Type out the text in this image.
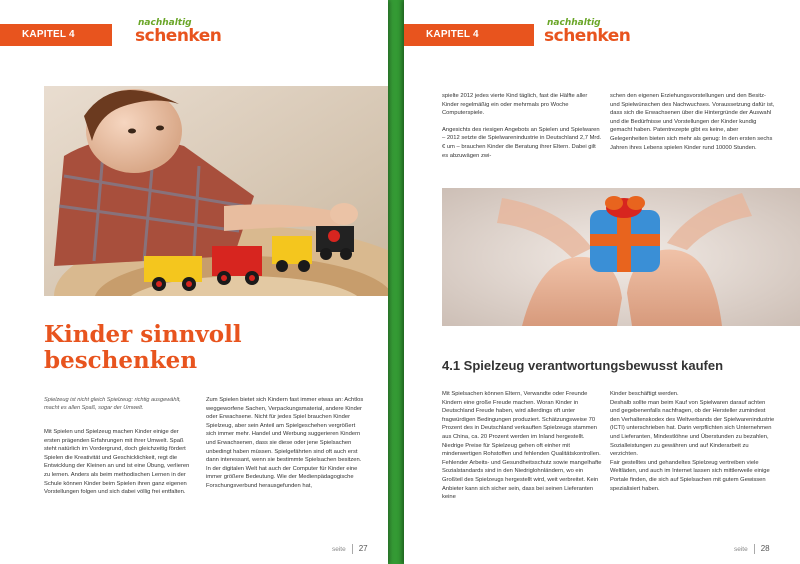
KAPITEL 4
nachhaltig
schenken
Kinder sinnvoll
beschenken
Spielzeug ist nicht gleich Spielzeug: richtig ausgewählt, macht es allen Spaß, sogar der Umwelt.
Mit Spielen und Spielzeug machen Kinder einige der ersten prägenden Erfahrungen mit ihrer Umwelt. Spaß steht natürlich im Vordergrund, doch gleichzeitig fördert Spielen die Kreativität und Geschicklichkeit, regt die Entwicklung der Kleinen an und ist eine Übung, verlieren zu lernen. Anders als beim methodischen Lernen in der Schule können Kinder beim Spielen ihren ganz eigenen Vorstellungen folgen und sich dabei völlig frei entfalten.
Zum Spielen bietet sich Kindern fast immer etwas an: Achtlos weggeworfene Sachen, Verpackungsmaterial, andere Kinder oder Erwachsene. Nicht für jedes Spiel brauchen Kinder Spielzeug, aber sein Anteil am Spielgeschehen vergrößert sich immer mehr. Handel und Werbung suggerieren Kindern und Erwachsenen, dass sie diese oder jene Spielsachen unbedingt haben müssen. Spielgefährten sind oft auch erst dann interessant, wenn sie bestimmte Spielsachen besitzen. In der digitalen Welt hat auch der Computer für Kinder eine immer größere Bedeutung. Wie der Medienpädagogische Forschungsverbund herausgefunden hat,
seite 27
KAPITEL 4
nachhaltig
schenken

spielte 2012 jedes vierte Kind täglich, fast die Hälfte aller Kinder regelmäßig ein oder mehrmals pro Woche Computerspiele.

Angesichts des riesigen Angebots an Spielen und Spielwaren – 2012 setzte die Spielwarenindustrie in Deutschland 2,7 Mrd. € um – brauchen Kinder die Beratung ihrer Eltern. Dabei gilt es abzuwägen zwi-

schen den eigenen Erziehungsvorstellungen und den Besitz- und Spielwünschen des Nachwuchses. Voraussetzung dafür ist, dass sich die Erwachsenen über die Hintergründe der Auswahl und die Bedürfnisse und Vorstellungen der Kinder kundig gemacht haben. Patentrezepte gibt es keine, aber Gelegenheiten bieten sich mehr als genug: In den ersten sechs Jahren ihres Lebens spielen Kinder rund 10000 Stunden.
4.1 Spielzeug verantwortungsbewusst kaufen
Mit Spielsachen können Eltern, Verwandte oder Freunde Kindern eine große Freude machen. Woran Kinder in Deutschland Freude haben, wird allerdings oft unter fragwürdigen Bedingungen produziert. Schätzungsweise 70 Prozent des in Deutschland verkauften Spielzeugs stammen aus China, ca. 20 Prozent werden im Inland hergestellt. Niedrige Preise für Spielzeug gehen oft einher mit minderwertigen Rohstoffen und fehlenden Qualitätskontrollen. Fehlender Arbeits- und Gesundheitsschutz sowie mangelhafte Sozialstandards sind in den Niedriglohnländern, wo ein Großteil des Spielzeugs hergestellt wird, weit verbreitet. Kein Anbieter kann sich sicher sein, dass bei seinen Lieferanten keine
Kinder beschäftigt werden.
Deshalb sollte man beim Kauf von Spielwaren darauf achten und gegebenenfalls nachfragen, ob der Hersteller zumindest den Verhaltenskodex des Weltverbands der Spielwarenindustrie (ICTI) unterschrieben hat. Darin verpflichten sich Unternehmen und Lieferanten, Mindestlöhne und Überstunden zu bezahlen, Sozialleistungen zu gewähren und auf Kinderarbeit zu verzichten.
Fair gestelltes und gehandeltes Spielzeug vertreiben viele Weltläden, und auch im Internet lassen sich mittlerweile einige Portale finden, die sich auf Spielsachen mit gutem Gewissen spezialisiert haben.
seite 28
